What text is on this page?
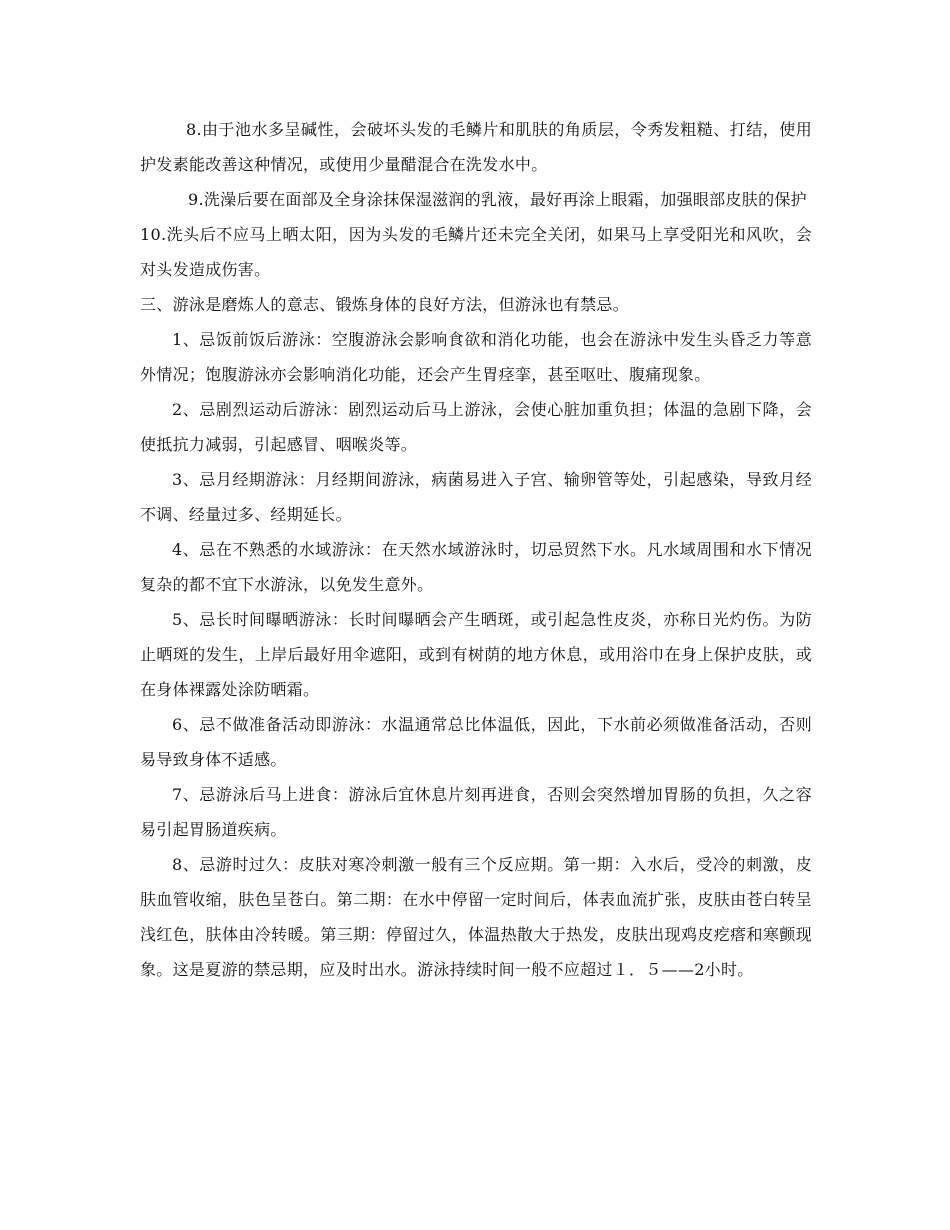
8.由于池水多呈碱性，会破坏头发的毛鳞片和肌肤的角质层，令秀发粗糙、打结，使用护发素能改善这种情况，或使用少量醋混合在洗发水中。

9.洗澡后要在面部及全身涂抹保湿滋润的乳液，最好再涂上眼霜，加强眼部皮肤的保护

10.洗头后不应马上晒太阳，因为头发的毛鳞片还未完全关闭，如果马上享受阳光和风吹，会对头发造成伤害。

三、游泳是磨炼人的意志、锻炼身体的良好方法，但游泳也有禁忌。

1、忌饭前饭后游泳：空腹游泳会影响食欲和消化功能，也会在游泳中发生头昏乏力等意外情况；饱腹游泳亦会影响消化功能，还会产生胃痉挛，甚至呕吐、腹痛现象。

2、忌剧烈运动后游泳：剧烈运动后马上游泳，会使心脏加重负担；体温的急剧下降，会使抵抗力减弱，引起感冒、咽喉炎等。

3、忌月经期游泳：月经期间游泳，病菌易进入子宫、输卵管等处，引起感染，导致月经不调、经量过多、经期延长。

4、忌在不熟悉的水域游泳：在天然水域游泳时，切忌贸然下水。凡水域周围和水下情况复杂的都不宜下水游泳，以免发生意外。

5、忌长时间曝晒游泳：长时间曝晒会产生晒斑，或引起急性皮炎，亦称日光灼伤。为防止晒斑的发生，上岸后最好用伞遮阳，或到有树荫的地方休息，或用浴巾在身上保护皮肤，或在身体裸露处涂防晒霜。

6、忌不做准备活动即游泳：水温通常总比体温低，因此，下水前必须做准备活动，否则易导致身体不适感。

7、忌游泳后马上进食：游泳后宜休息片刻再进食，否则会突然增加胃肠的负担，久之容易引起胃肠道疾病。

8、忌游时过久：皮肤对寒冷刺激一般有三个反应期。第一期：入水后，受冷的刺激，皮肤血管收缩，肤色呈苍白。第二期：在水中停留一定时间后，体表血流扩张，皮肤由苍白转呈浅红色，肤体由冷转暖。第三期：停留过久，体温热散大于热发，皮肤出现鸡皮疙瘩和寒颤现象。这是夏游的禁忌期，应及时出水。游泳持续时间一般不应超过１．５——2小时。
